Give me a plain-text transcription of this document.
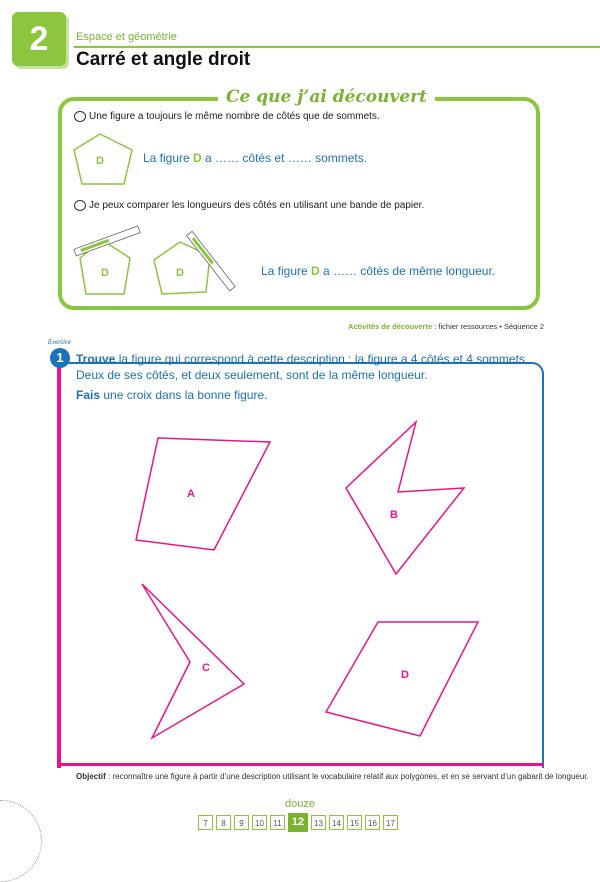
2	Espace et géométrie
Carré et angle droit
Ce que j’ai découvert
Une figure a toujours le même nombre de côtés que de sommets.
D	La figure D a …… côtés et …… sommets.
Je peux comparer les longueurs des côtés en utilisant une bande de papier.
D	D	La figure D a …… côtés de même longueur.
Activités de découverte : fichier ressources • Séquence 2
Exercice
1	Trouve la figure qui correspond à cette description : la figure a 4 côtés et 4 sommets.
Deux de ses côtés, et deux seulement, sont de la même longueur.
Fais une croix dans la bonne figure.
A
B
C
D
Objectif : reconnaître une figure à partir d’une description utilisant le vocabulaire relatif aux polygones, et en se servant d’un gabarit de longueur.
douze
7	8	9	10	11 12	13	14	15	16	17
